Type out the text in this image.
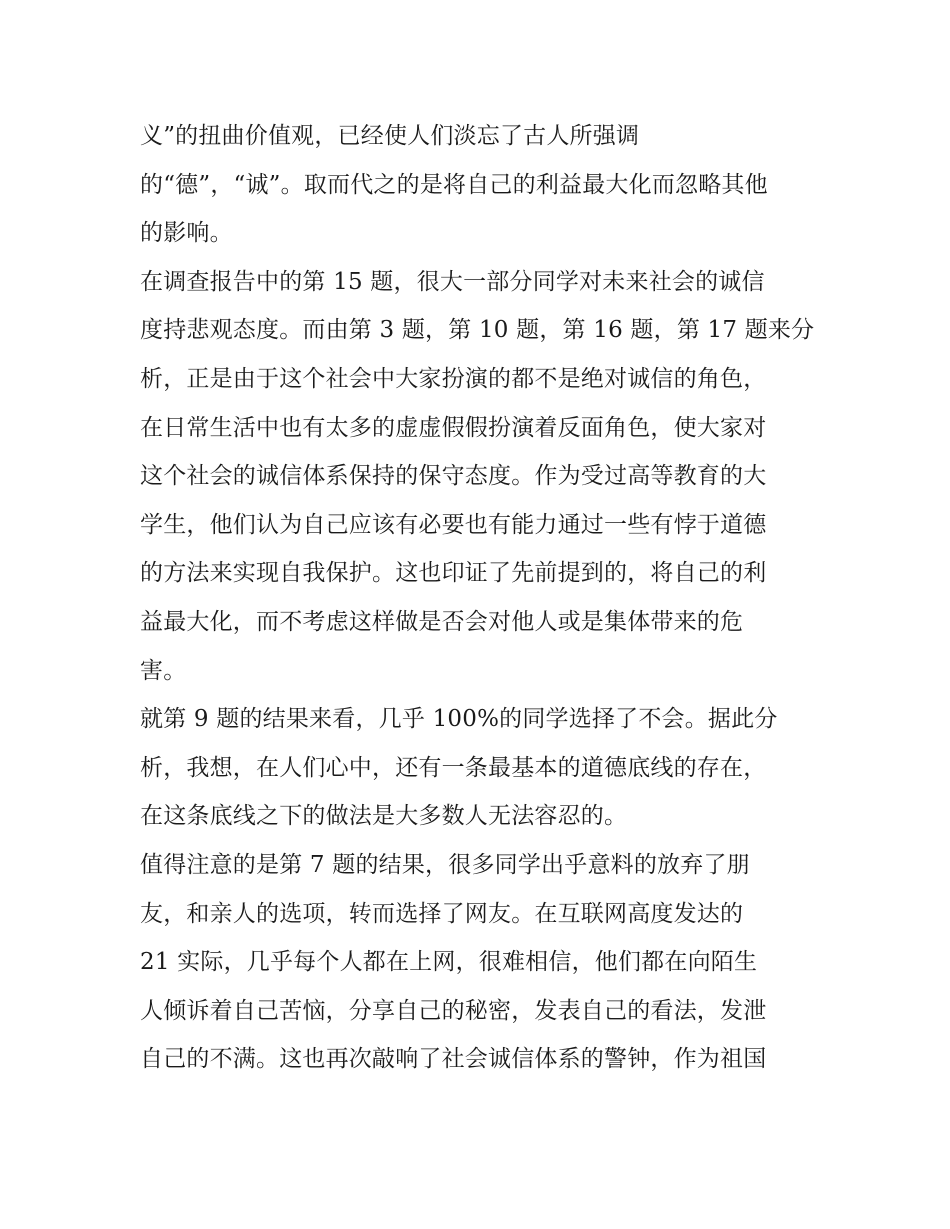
义”的扭曲价值观，已经使人们淡忘了古人所强调
的“德”，“诚”。取而代之的是将自己的利益最大化而忽略其他
的影响。
在调查报告中的第 15 题，很大一部分同学对未来社会的诚信
度持悲观态度。而由第 3 题，第 10 题，第 16 题，第 17 题来分
析，正是由于这个社会中大家扮演的都不是绝对诚信的角色，
在日常生活中也有太多的虚虚假假扮演着反面角色，使大家对
这个社会的诚信体系保持的保守态度。作为受过高等教育的大
学生，他们认为自己应该有必要也有能力通过一些有悖于道德
的方法来实现自我保护。这也印证了先前提到的，将自己的利
益最大化，而不考虑这样做是否会对他人或是集体带来的危
害。
就第 9 题的结果来看，几乎 100%的同学选择了不会。据此分
析，我想，在人们心中，还有一条最基本的道德底线的存在，
在这条底线之下的做法是大多数人无法容忍的。
值得注意的是第 7 题的结果，很多同学出乎意料的放弃了朋
友，和亲人的选项，转而选择了网友。在互联网高度发达的
21 实际，几乎每个人都在上网，很难相信，他们都在向陌生
人倾诉着自己苦恼，分享自己的秘密，发表自己的看法，发泄
自己的不满。这也再次敲响了社会诚信体系的警钟，作为祖国
